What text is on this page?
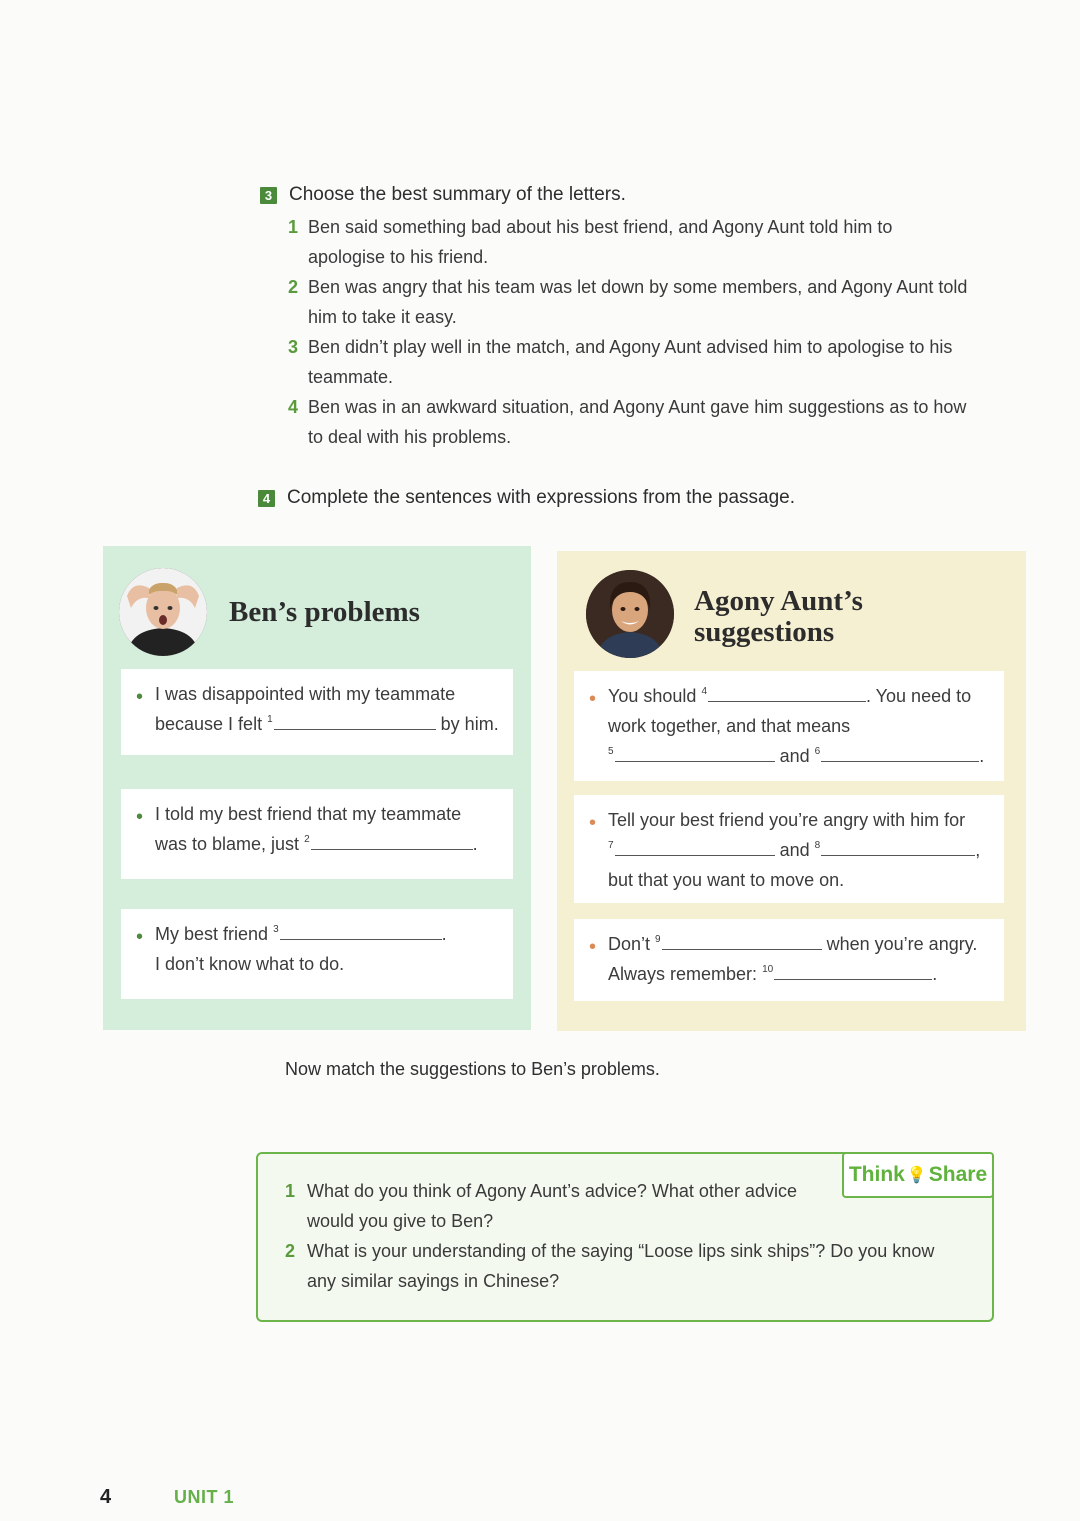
3 Choose the best summary of the letters.
1 Ben said something bad about his best friend, and Agony Aunt told him to
apologise to his friend.
2 Ben was angry that his team was let down by some members, and Agony Aunt told
him to take it easy.
3 Ben didn’t play well in the match, and Agony Aunt advised him to apologise to his
teammate.
4 Ben was in an awkward situation, and Agony Aunt gave him suggestions as to how
to deal with his problems.
4 Complete the sentences with expressions from the passage.
Ben’s problems
• I was disappointed with my teammate
because I felt $^1$	by him.
• I told my best friend that my teammate
was to blame, just $^2$	.
• My best friend $^3$	.
I don’t know what to do.
Agony Aunt’s
suggestions
• You should $^4$	. You need to
work together, and that means
$^5$	and $^6$	.
• Tell your best friend you’re angry with him for
$^7$	and $^8$	,
but that you want to move on.
• Don’t $^9$	when you’re angry.
Always remember: $^{10}$	.
Now match the suggestions to Ben’s problems.
Think 💡 Share
1 What do you think of Agony Aunt’s advice? What other advice
would you give to Ben?
2 What is your understanding of the saying “Loose lips sink ships”? Do you know
any similar sayings in Chinese?
4	UNIT 1
